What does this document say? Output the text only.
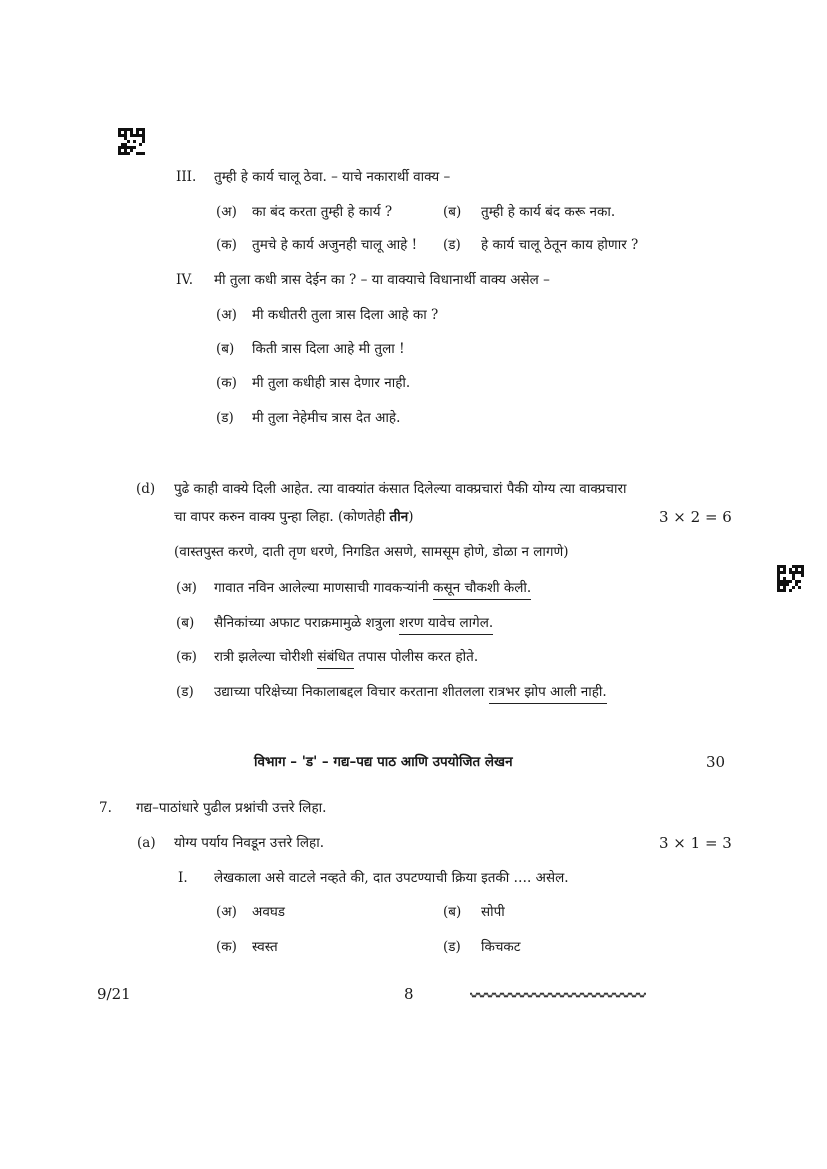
III. तुम्ही हे कार्य चालू ठेवा. – याचे नकारार्थी वाक्य –
(अ) का बंद करता तुम्ही हे कार्य ?	(ब) तुम्ही हे कार्य बंद करू नका.
(क) तुमचे हे कार्य अजुनही चालू आहे ! (ड) हे कार्य चालू ठेतून काय होणार ?
IV. मी तुला कधी त्रास देईन का ? – या वाक्याचे विधानार्थी वाक्य असेल –
(अ) मी कधीतरी तुला त्रास दिला आहे का ?
(ब) किती त्रास दिला आहे मी तुला !
(क) मी तुला कधीही त्रास देणार नाही.
(ड) मी तुला नेहेमीच त्रास देत आहे.
(d) पुढे काही वाक्ये दिली आहेत. त्या वाक्यांत कंसात दिलेल्या वाक्प्रचारां पैकी योग्य त्या वाक्प्रचारा
चा वापर करुन वाक्य पुन्हा लिहा. (कोणतेही तीन)	3 × 2 = 6
(वास्तपुस्त करणे, दाती तृण धरणे, निगडित असणे, सामसूम होणे, डोळा न लागणे)
(अ) गावात नविन आलेल्या माणसाची गावकऱ्यांनी कसून चौकशी केली.
(ब) सैनिकांच्या अफाट पराक्रमामुळे शत्रुला शरण यावेच लागेल.
(क) रात्री झलेल्या चोरीशी संबंधित तपास पोलीस करत होते.
(ड) उद्याच्या परिक्षेच्या निकालाबद्दल विचार करताना शीतलला रात्रभर झोप आली नाही.
विभाग – 'ड' – गद्य–पद्य पाठ आणि उपयोजित लेखन	30
7. गद्य–पाठांधारे पुढील प्रश्नांची उत्तरे लिहा.
(a) योग्य पर्याय निवडून उत्तरे लिहा.	3 × 1 = 3
I. लेखकाला असे वाटले नव्हते की, दात उपटण्याची क्रिया इतकी …. असेल.
(अ) अवघड	(ब) सोपी
(क) स्वस्त	(ड) किचकट
9/21	8
